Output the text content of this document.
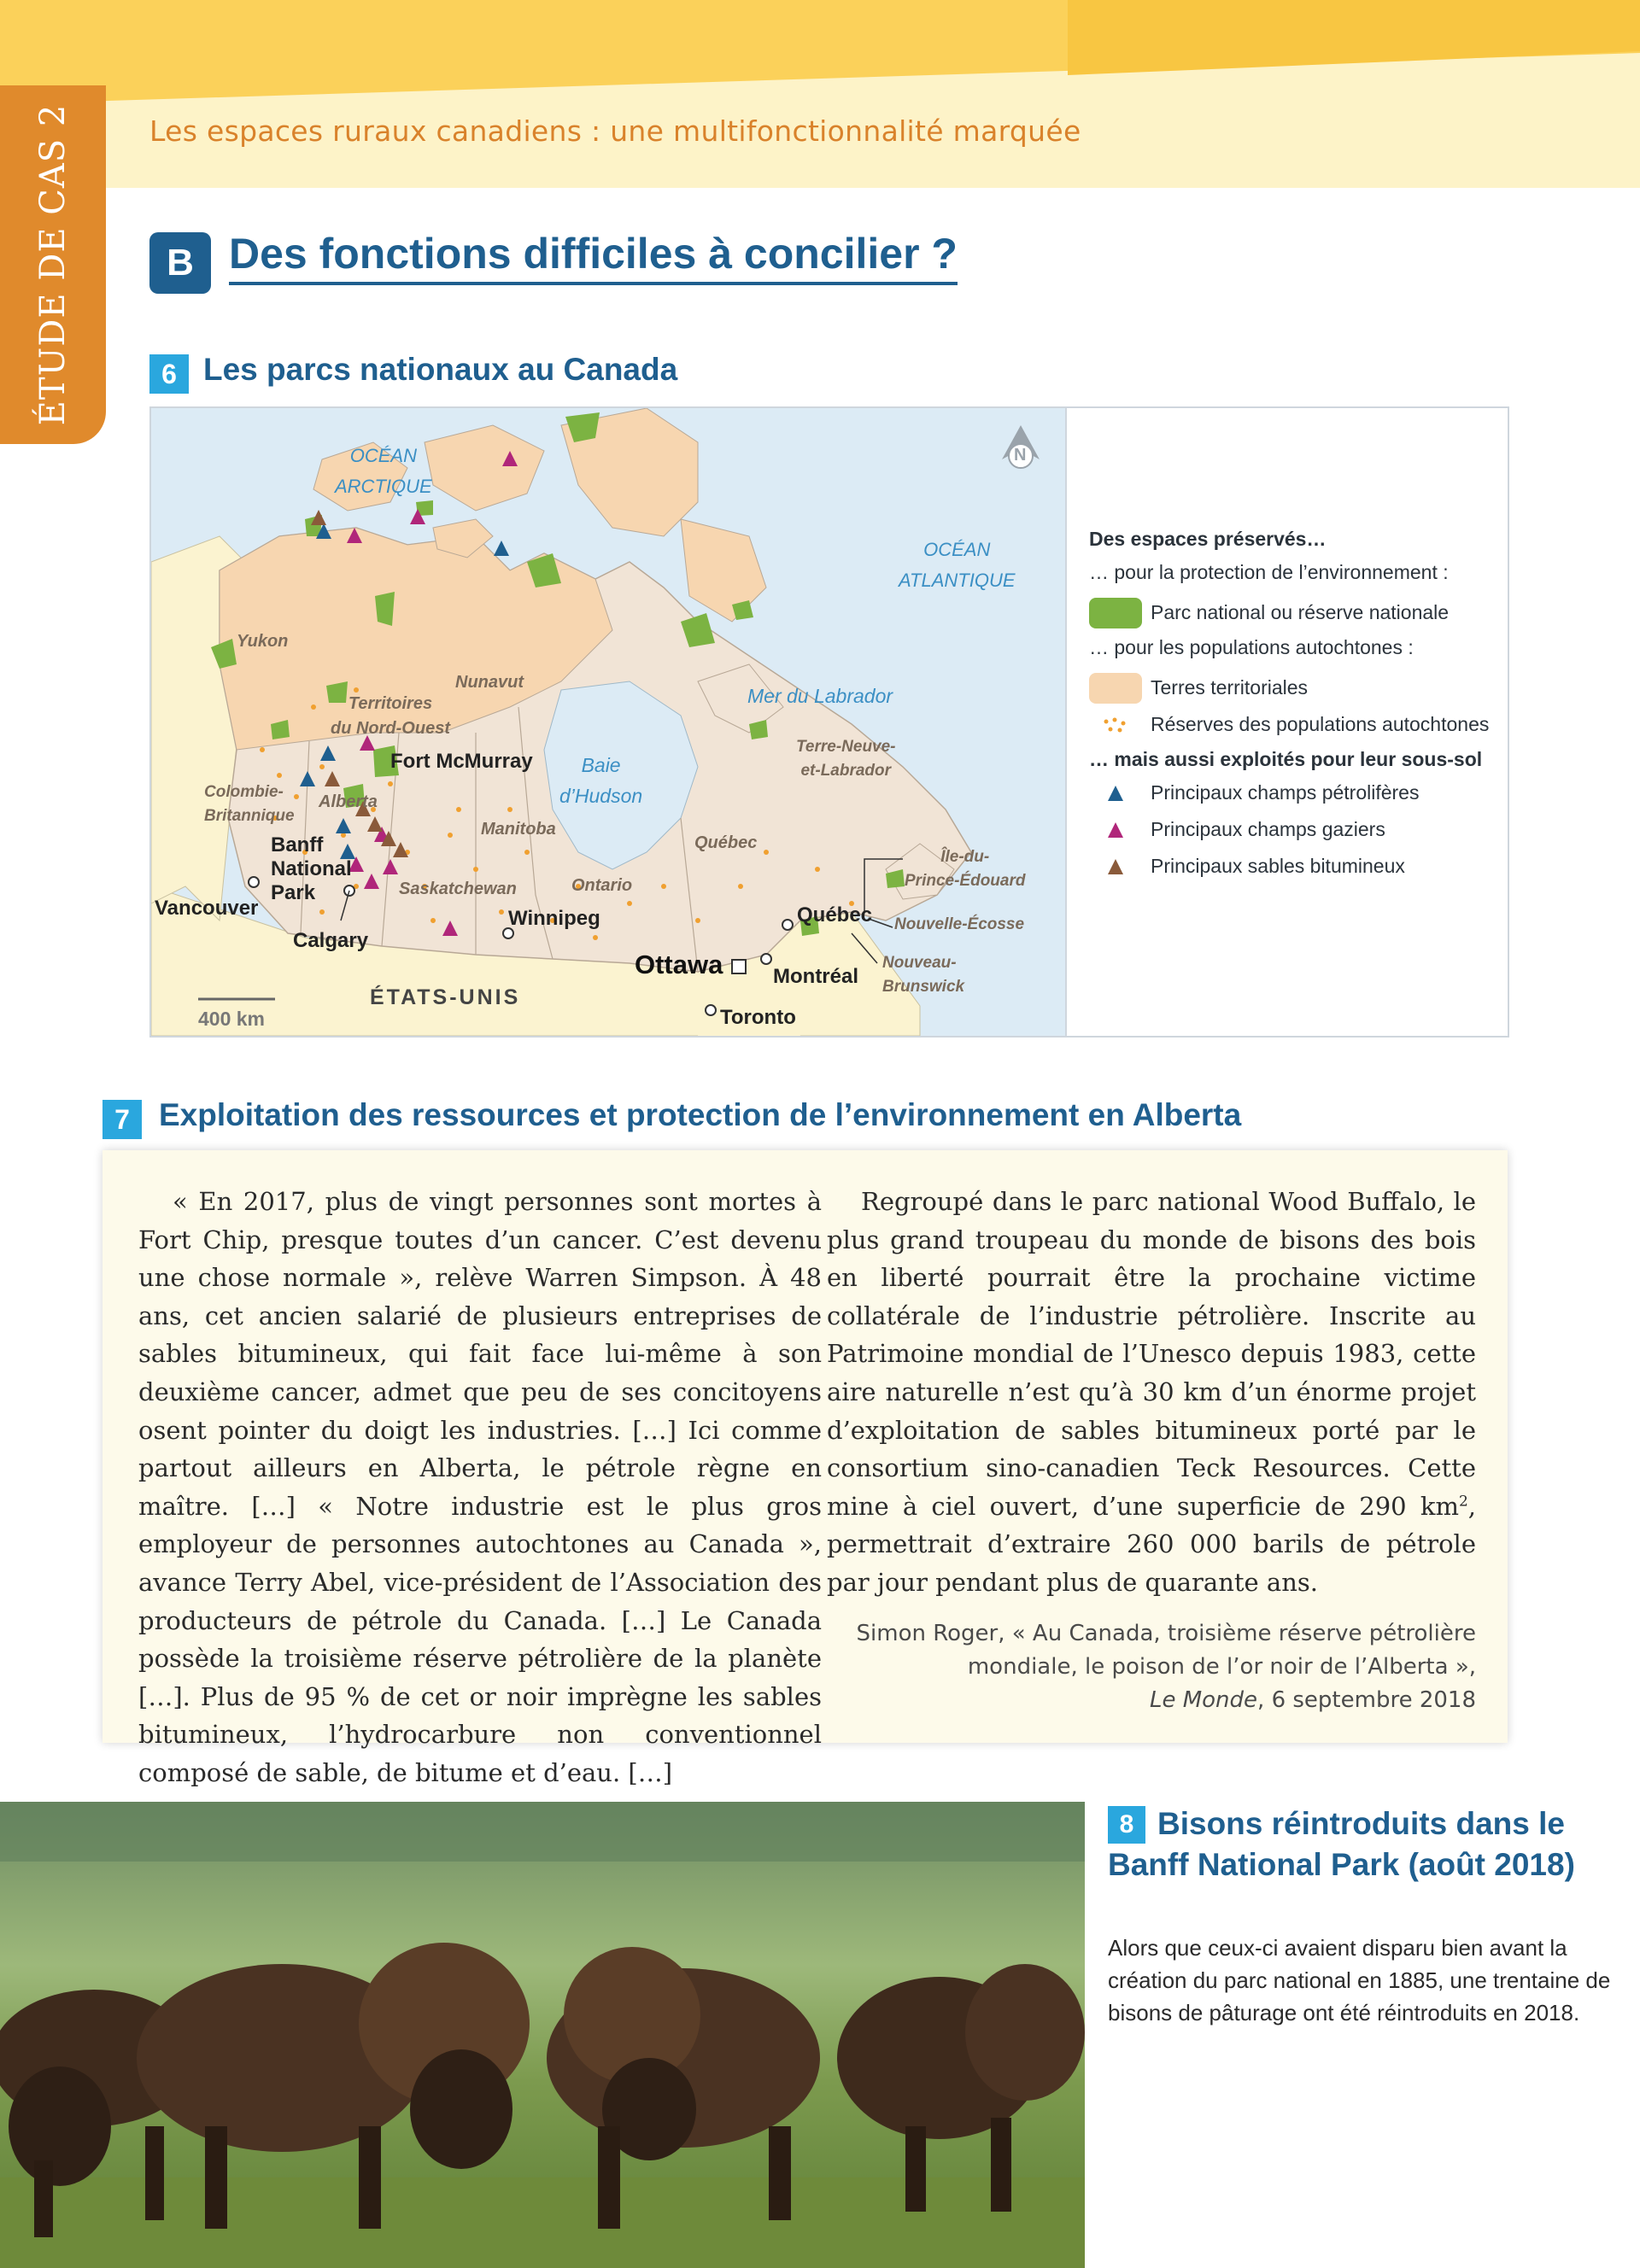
ÉTUDE DE CAS 2	Les espaces ruraux canadiens : une multifonctionnalité marquée
B Des fonctions difficiles à concilier ?
6 Les parcs nationaux au Canada
OCÉAN
ARCTIQUE
OCÉAN
ATLANTIQUE
Yukon
Nunavut
Territoires
du Nord-Ouest
Fort McMurray	Baie
d’Hudson
Mer du Labrador
Terre-Neuve-
et-Labrador
Colombie-
Britannique
Alberta
Manitoba
Québec
Banff
National
Park	Saskatchewan	Ontario
Île-du-
Prince-Édouard
Vancouver	Winnipeg	Québec Nouvelle-Écosse
Calgary
Ottawa Montréal
Nouveau-
Brunswick
ÉTATS-UNIS
Toronto
400 km
N
Des espaces préservés…
… pour la protection de l’environnement :
Parc national ou réserve nationale
… pour les populations autochtones :
Terres territoriales
Réserves des populations autochtones
… mais aussi exploités pour leur sous-sol
Principaux champs pétrolifères
Principaux champs gaziers
Principaux sables bitumineux
7 Exploitation des ressources et protection de l’environnement en Alberta
« En 2017, plus de vingt personnes sont mortes à Fort Chip, presque toutes d’un cancer. C’est devenu une chose normale », relève Warren Simpson. À 48 ans, cet ancien salarié de plusieurs entreprises de sables bitumineux, qui fait face lui-même à son deuxième cancer, admet que peu de ses concitoyens osent pointer du doigt les industries. […] Ici comme partout ailleurs en Alberta, le pétrole règne en maître. […] « Notre industrie est le plus gros employeur de personnes autochtones au Canada », avance Terry Abel, vice-président de l’Association des producteurs de pétrole du Canada. […] Le Canada possède la troisième réserve pétrolière de la planète […]. Plus de 95 % de cet or noir imprègne les sables bitumineux, l’hydrocarbure non conventionnel composé de sable, de bitume et d’eau. […]

Regroupé dans le parc national Wood Buffalo, le plus grand troupeau du monde de bisons des bois en liberté pourrait être la prochaine victime collatérale de l’industrie pétrolière. Inscrite au Patrimoine mondial de l’Unesco depuis 1983, cette aire naturelle n’est qu’à 30 km d’un énorme projet d’exploitation de sables bitumineux porté par le consortium sino-canadien Teck Resources. Cette mine à ciel ouvert, d’une superficie de 290 $km^2$, permettrait d’extraire 260 000 barils de pétrole par jour pendant plus de quarante ans.

Simon Roger, « Au Canada, troisième réserve pétrolière
mondiale, le poison de l’or noir de l’Alberta »,
Le Monde, 6 septembre 2018
8 Bisons réintroduits dans le Banff National Park (août 2018)
Alors que ceux-ci avaient disparu bien avant la création du parc national en 1885, une trentaine de bisons de pâturage ont été réintroduits en 2018.
